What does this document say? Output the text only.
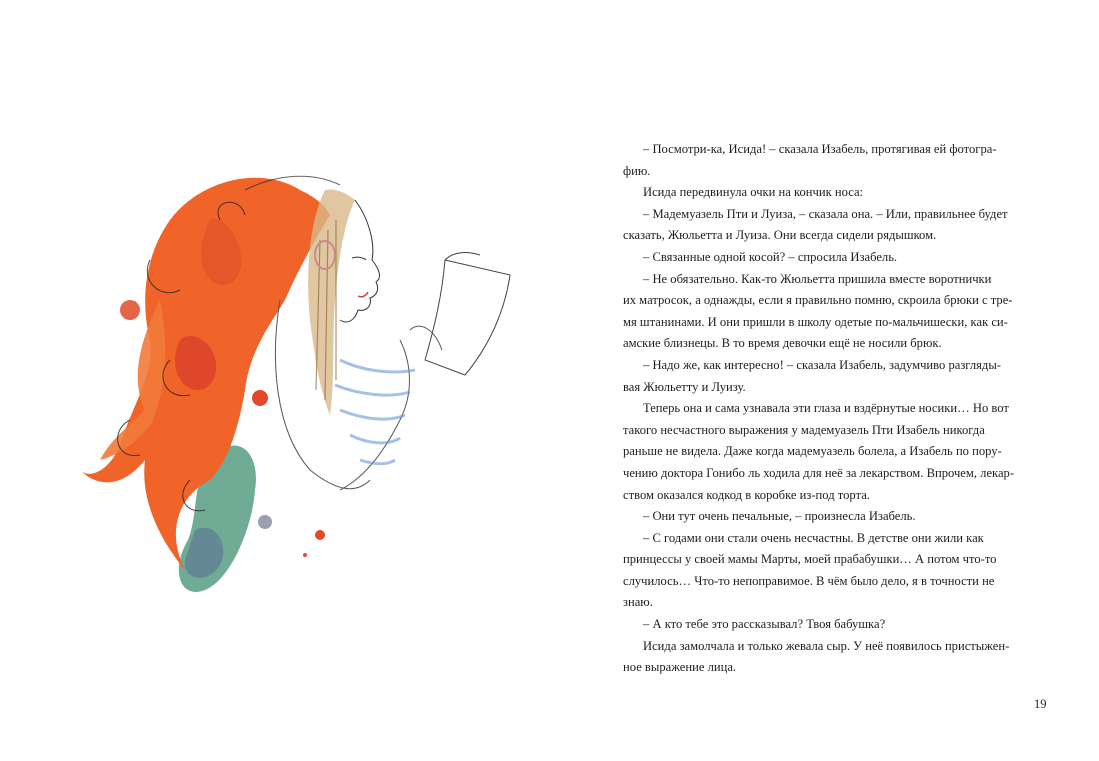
– Посмотри-ка, Исида! – сказала Изабель, протягивая ей фотогра-

фию.

Исида передвинула очки на кончик носа:

– Мадемуазель Пти и Луиза, – сказала она. – Или, правильнее будет

сказать, Жюльетта и Луиза. Они всегда сидели рядышком.

– Связанные одной косой? – спросила Изабель.

– Не обязательно. Как-то Жюльетта пришила вместе воротнички

их матросок, а однажды, если я правильно помню, скроила брюки с тре-

мя штанинами. И они пришли в школу одетые по-мальчишески, как си-

амские близнецы. В то время девочки ещё не носили брюк.

– Надо же, как интересно! – сказала Изабель, задумчиво разгляды-

вая Жюльетту и Луизу.

Теперь она и сама узнавала эти глаза и вздёрнутые носики… Но вот

такого несчастного выражения у мадемуазель Пти Изабель никогда

раньше не видела. Даже когда мадемуазель болела, а Изабель по пору-

чению доктора Гонибо ль ходила для неё за лекарством. Впрочем, лекар-

ством оказался кодкод в коробке из-под торта.

– Они тут очень печальные, – произнесла Изабель.

– С годами они стали очень несчастны. В детстве они жили как

принцессы у своей мамы Марты, моей прабабушки… А потом что-то

случилось… Что-то непоправимое. В чём было дело, я в точности не

знаю.

– А кто тебе это рассказывал? Твоя бабушка?

Исида замолчала и только жевала сыр. У неё появилось пристыжен-

ное выражение лица.

19
